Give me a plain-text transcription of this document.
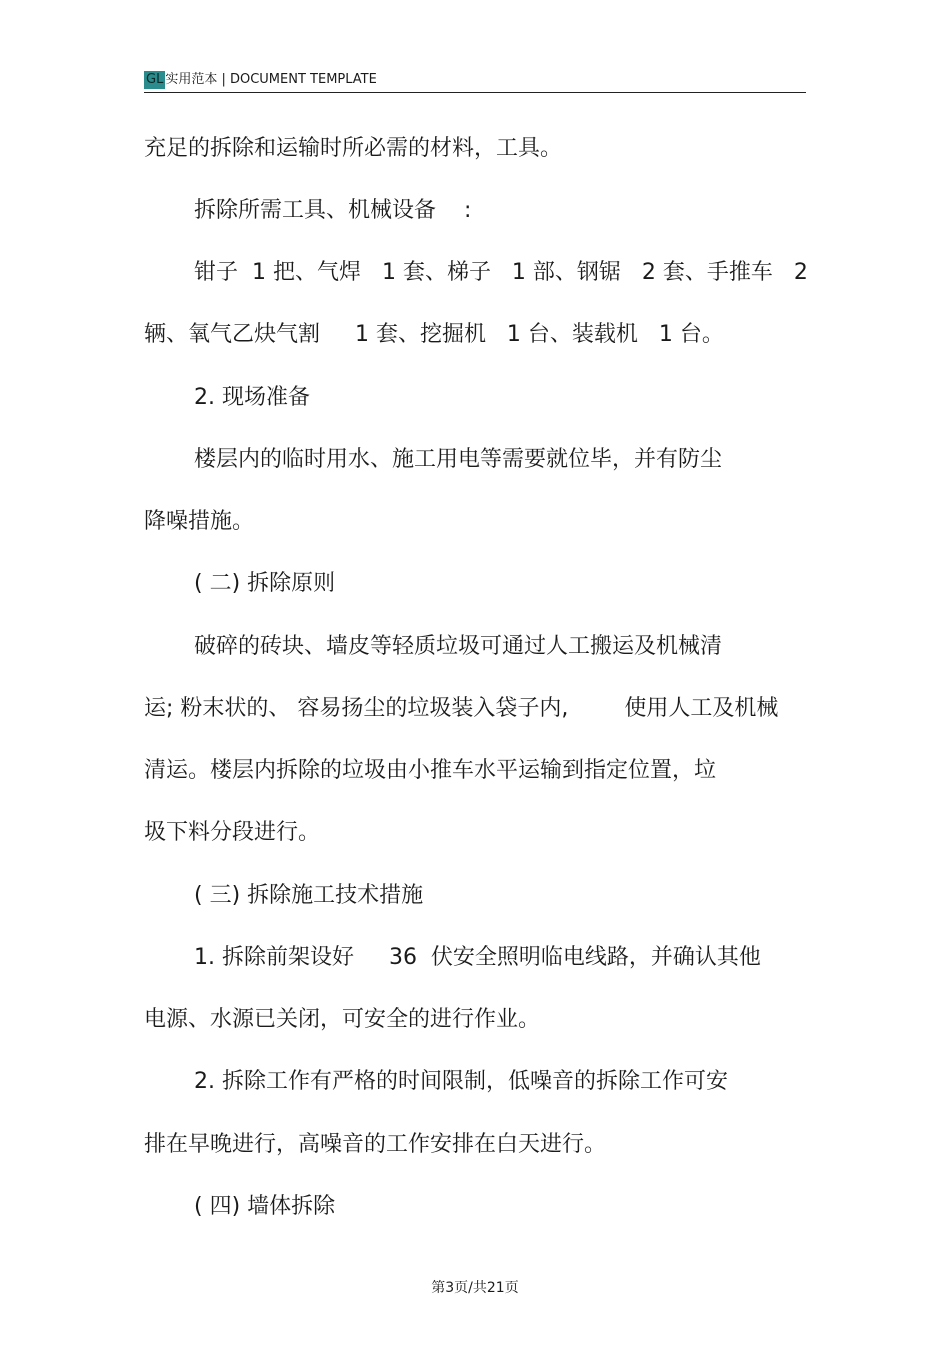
GL 实用范本 | DOCUMENT TEMPLATE
充足的拆除和运输时所必需的材料，工具。
拆除所需工具、机械设备    :
钳子  1 把、气焊   1 套、梯子   1 部、钢锯   2 套、手推车   2
辆、氧气乙炔气割     1 套、挖掘机   1 台、装载机   1 台。
2. 现场准备
楼层内的临时用水、施工用电等需要就位毕，并有防尘
降噪措施。
( 二) 拆除原则
破碎的砖块、墙皮等轻质垃圾可通过人工搬运及机械清
运; 粉末状的、 容易扬尘的垃圾装入袋子内,        使用人工及机械
清运。楼层内拆除的垃圾由小推车水平运输到指定位置，垃
圾下料分段进行。
( 三) 拆除施工技术措施
1. 拆除前架设好     36  伏安全照明临电线路，并确认其他
电源、水源已关闭，可安全的进行作业。
2. 拆除工作有严格的时间限制，低噪音的拆除工作可安
排在早晚进行，高噪音的工作安排在白天进行。
( 四) 墙体拆除
第3页/共21页
